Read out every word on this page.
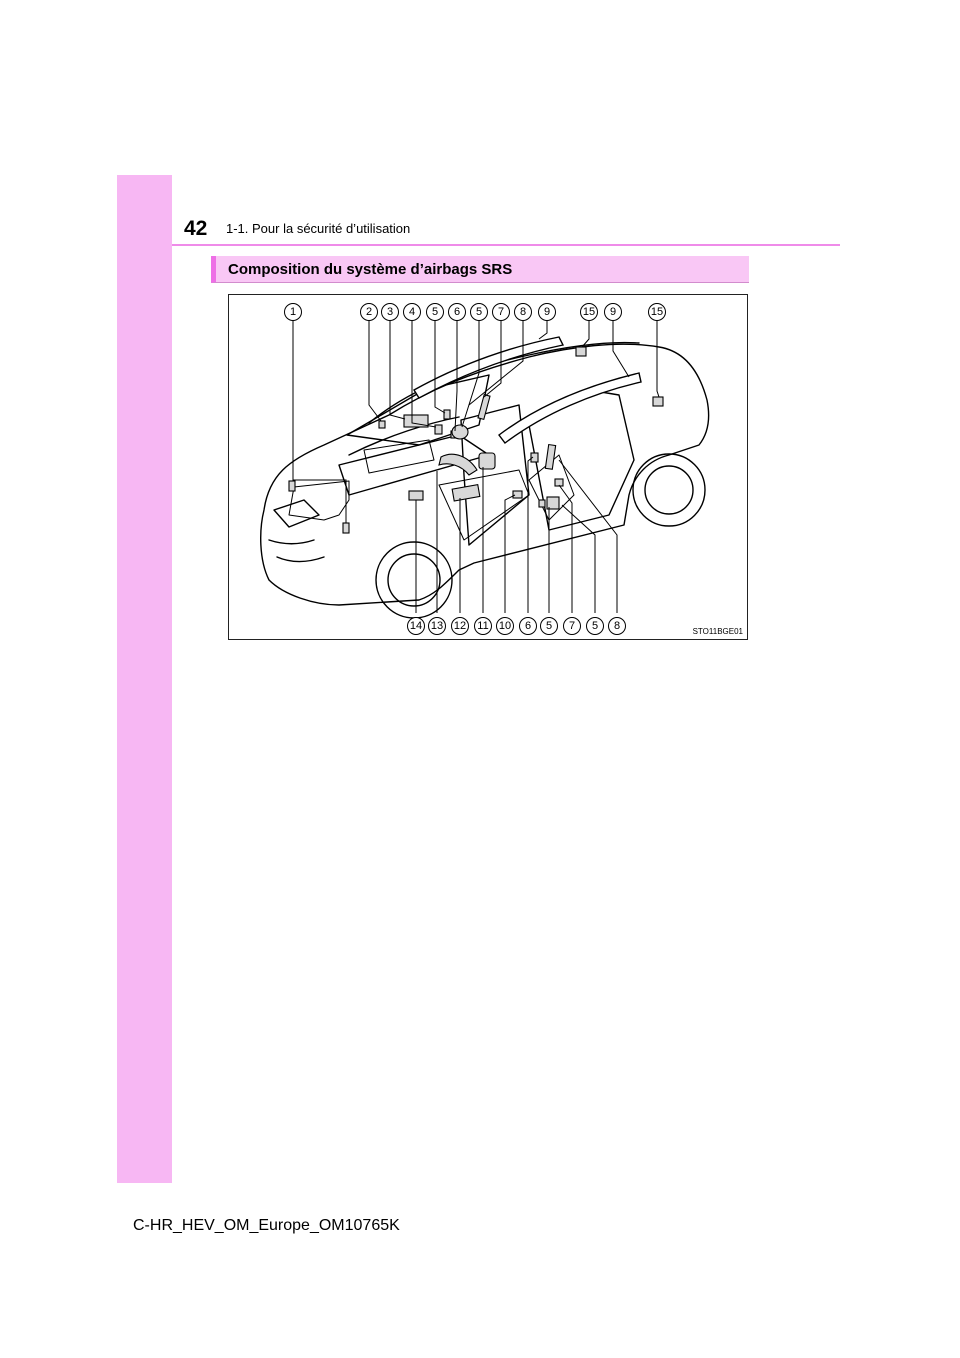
42 1-1. Pour la sécurité d’utilisation
Composition du système d’airbags SRS
1	2	3	4	5	6	5	7	8	9	15	9	15
14 13 12 11 10	6	5	7	5	8	STO11BGE01
C-HR_HEV_OM_Europe_OM10765K
